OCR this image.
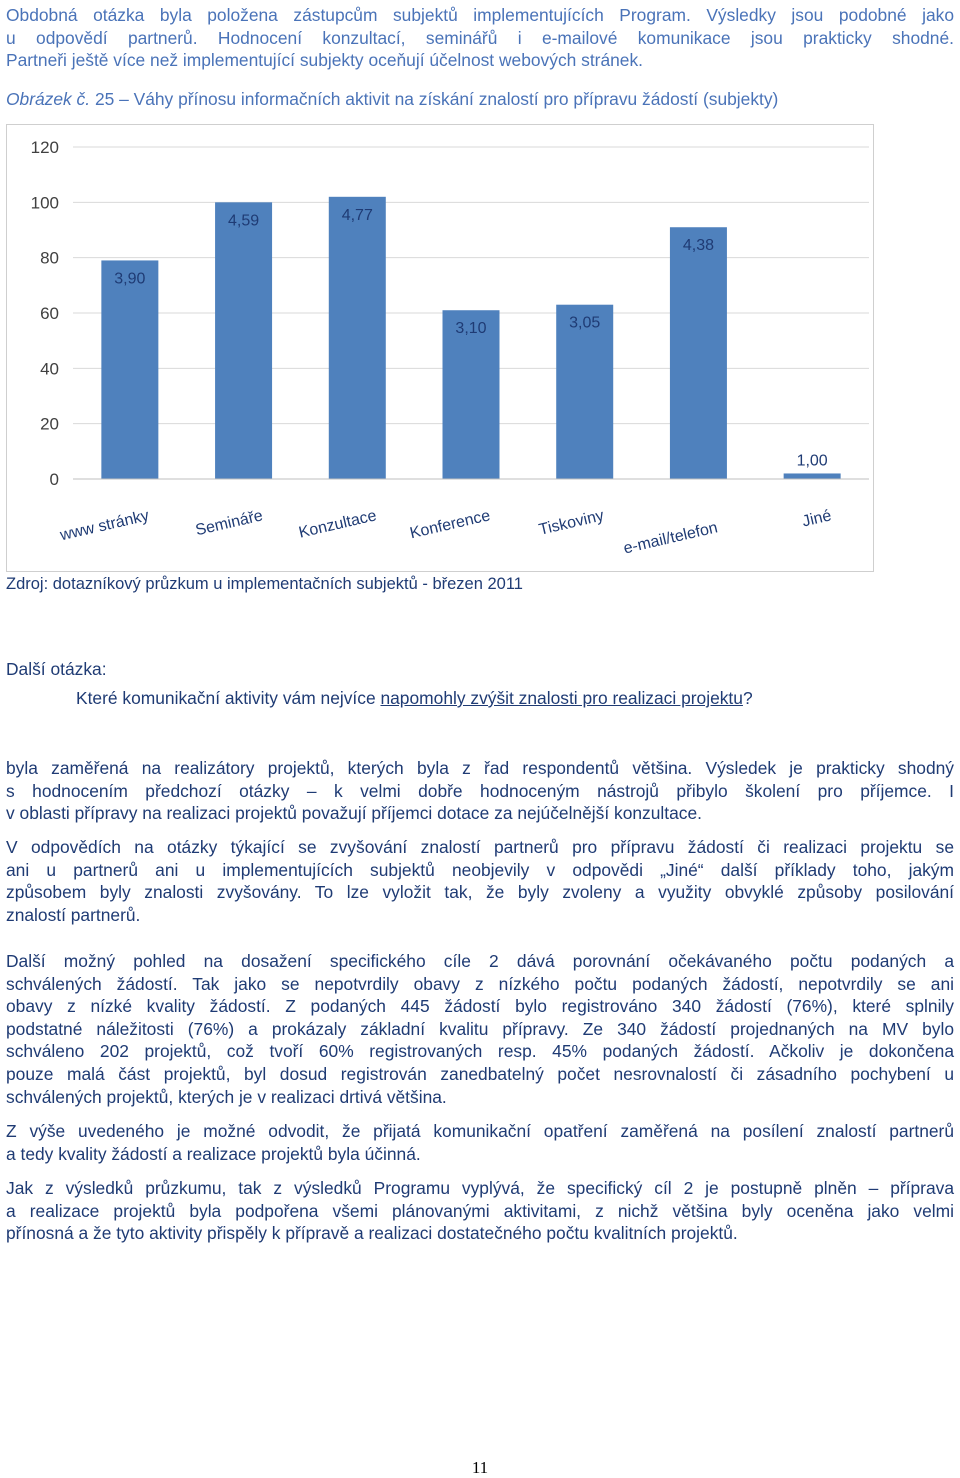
Obdobná otázka byla položena zástupcům subjektů implementujících Program. Výsledky jsou podobné jako
u odpovědí partnerů. Hodnocení konzultací, seminářů i e-mailové komunikace jsou prakticky shodné.
Partneři ještě více než implementující subjekty oceňují účelnost webových stránek.
Obrázek č. 25 – Váhy přínosu informačních aktivit na získání znalostí pro přípravu žádostí (subjekty)
120
100
80
60
40
20
0
3,90
www stránky
4,59
Semináře
4,77
Konzultace
3,10
Konference
3,05
Tiskoviny
4,38
e-mail/telefon
1,00
Jiné
Zdroj: dotazníkový průzkum u implementačních subjektů - březen 2011
Další otázka:
Které komunikační aktivity vám nejvíce napomohly zvýšit znalosti pro realizaci projektu?
byla zaměřená na realizátory projektů, kterých byla z řad respondentů většina. Výsledek je prakticky shodný
s hodnocením předchozí otázky – k velmi dobře hodnoceným nástrojů přibylo školení pro příjemce. I
v oblasti přípravy na realizaci projektů považují příjemci dotace za nejúčelnější konzultace.
V odpovědích na otázky týkající se zvyšování znalostí partnerů pro přípravu žádostí či realizaci projektu se
ani u partnerů ani u implementujících subjektů neobjevily v odpovědi „Jiné“ další příklady toho, jakým
způsobem byly znalosti zvyšovány. To lze vyložit tak, že byly zvoleny a využity obvyklé způsoby posilování
znalostí partnerů.
Další možný pohled na dosažení specifického cíle 2 dává porovnání očekávaného počtu podaných a
schválených žádostí. Tak jako se nepotvrdily obavy z nízkého počtu podaných žádostí, nepotvrdily se ani
obavy z nízké kvality žádostí. Z podaných 445 žádostí bylo registrováno 340 žádostí (76%), které splnily
podstatné náležitosti (76%) a prokázaly základní kvalitu přípravy. Ze 340 žádostí projednaných na MV bylo
schváleno 202 projektů, což tvoří 60% registrovaných resp. 45% podaných žádostí. Ačkoliv je dokončena
pouze malá část projektů, byl dosud registrován zanedbatelný počet nesrovnalostí či zásadního pochybení u
schválených projektů, kterých je v realizaci drtivá většina.
Z výše uvedeného je možné odvodit, že přijatá komunikační opatření zaměřená na posílení znalostí partnerů
a tedy kvality žádostí a realizace projektů byla účinná.
Jak z výsledků průzkumu, tak z výsledků Programu vyplývá, že specifický cíl 2 je postupně plněn – příprava
a realizace projektů byla podpořena všemi plánovanými aktivitami, z nichž většina byly oceněna jako velmi
přínosná a že tyto aktivity přispěly k přípravě a realizaci dostatečného počtu kvalitních projektů.
11
